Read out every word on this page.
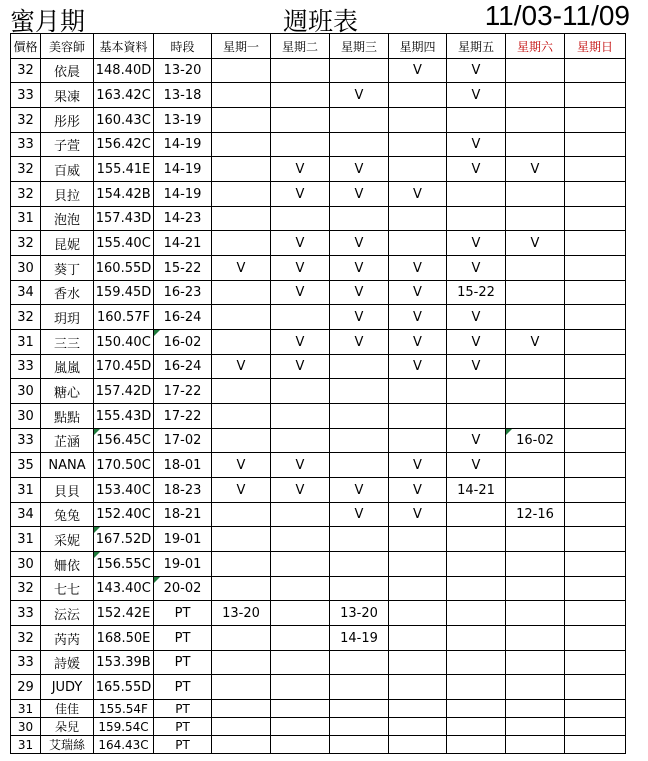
蜜月期	週班表	11/03-11/09
價格	美容師	基本資料	時段	星期一	星期二	星期三	星期四	星期五	星期六	星期日
32	依晨	148.40D	13-20				V	V		
33	果凍	163.42C	13-18			V		V		
32	彤彤	160.43C	13-19							
33	子萱	156.42C	14-19					V		
32	百威	155.41E	14-19		V	V		V	V	
32	貝拉	154.42B	14-19		V	V	V			
31	泡泡	157.43D	14-23							
32	昆妮	155.40C	14-21		V	V		V	V	
30	葵丁	160.55D	15-22	V	V	V	V	V		
34	香水	159.45D	16-23		V	V	V	15-22		
32	玥玥	160.57F	16-24			V	V	V		
31	三三	150.40C	16-02		V	V	V	V	V	
33	嵐嵐	170.45D	16-24	V	V		V	V		
30	糖心	157.42D	17-22							
30	點點	155.43D	17-22							
33	芷涵	156.45C	17-02					V	16-02	
35	NANA	170.50C	18-01	V	V		V	V		
31	貝貝	153.40C	18-23	V	V	V	V	14-21		
34	兔兔	152.40C	18-21			V	V		12-16	
31	采妮	167.52D	19-01							
30	姍依	156.55C	19-01							
32	七七	143.40C	20-02							
33	沄沄	152.42E	PT	13-20		13-20				
32	芮芮	168.50E	PT			14-19				
33	詩媛	153.39B	PT							
29	JUDY	165.55D	PT							
31	佳佳	155.54F	PT							
30	朵兒	159.54C	PT							
31	艾瑞絲	164.43C	PT							
